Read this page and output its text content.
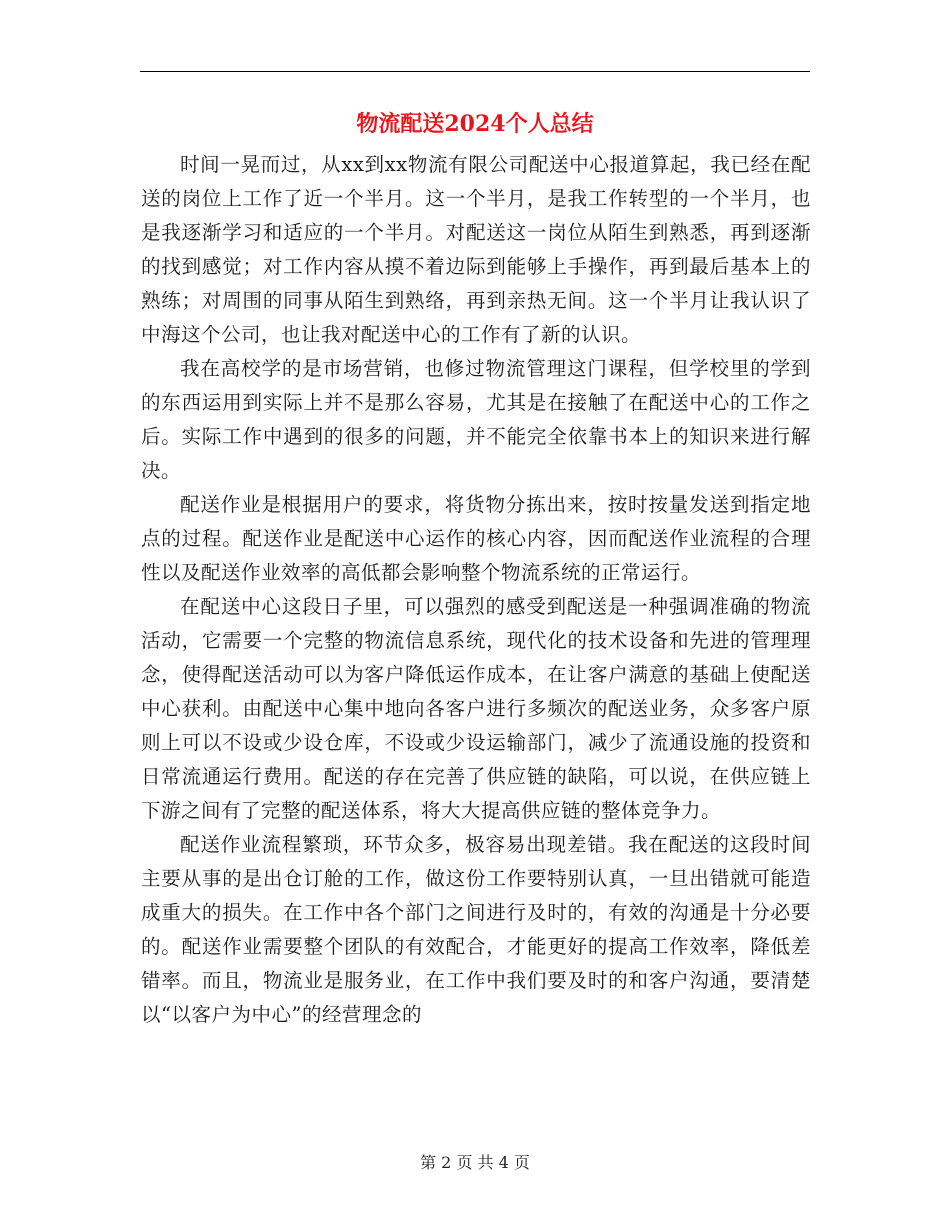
物流配送2024个人总结

时间一晃而过，从xx到xx物流有限公司配送中心报道算起，我已经在配送的岗位上工作了近一个半月。这一个半月，是我工作转型的一个半月，也是我逐渐学习和适应的一个半月。对配送这一岗位从陌生到熟悉，再到逐渐的找到感觉；对工作内容从摸不着边际到能够上手操作，再到最后基本上的熟练；对周围的同事从陌生到熟络，再到亲热无间。这一个半月让我认识了中海这个公司，也让我对配送中心的工作有了新的认识。

我在高校学的是市场营销，也修过物流管理这门课程，但学校里的学到的东西运用到实际上并不是那么容易，尤其是在接触了在配送中心的工作之后。实际工作中遇到的很多的问题，并不能完全依靠书本上的知识来进行解决。

配送作业是根据用户的要求，将货物分拣出来，按时按量发送到指定地点的过程。配送作业是配送中心运作的核心内容，因而配送作业流程的合理性以及配送作业效率的高低都会影响整个物流系统的正常运行。

在配送中心这段日子里，可以强烈的感受到配送是一种强调准确的物流活动，它需要一个完整的物流信息系统，现代化的技术设备和先进的管理理念，使得配送活动可以为客户降低运作成本，在让客户满意的基础上使配送中心获利。由配送中心集中地向各客户进行多频次的配送业务，众多客户原则上可以不设或少设仓库，不设或少设运输部门，减少了流通设施的投资和日常流通运行费用。配送的存在完善了供应链的缺陷，可以说，在供应链上下游之间有了完整的配送体系，将大大提高供应链的整体竞争力。

配送作业流程繁琐，环节众多，极容易出现差错。我在配送的这段时间主要从事的是出仓订舱的工作，做这份工作要特别认真，一旦出错就可能造成重大的损失。在工作中各个部门之间进行及时的，有效的沟通是十分必要的。配送作业需要整个团队的有效配合，才能更好的提高工作效率，降低差错率。而且，物流业是服务业，在工作中我们要及时的和客户沟通，要清楚以“以客户为中心”的经营理念的

第 2 页 共 4 页
